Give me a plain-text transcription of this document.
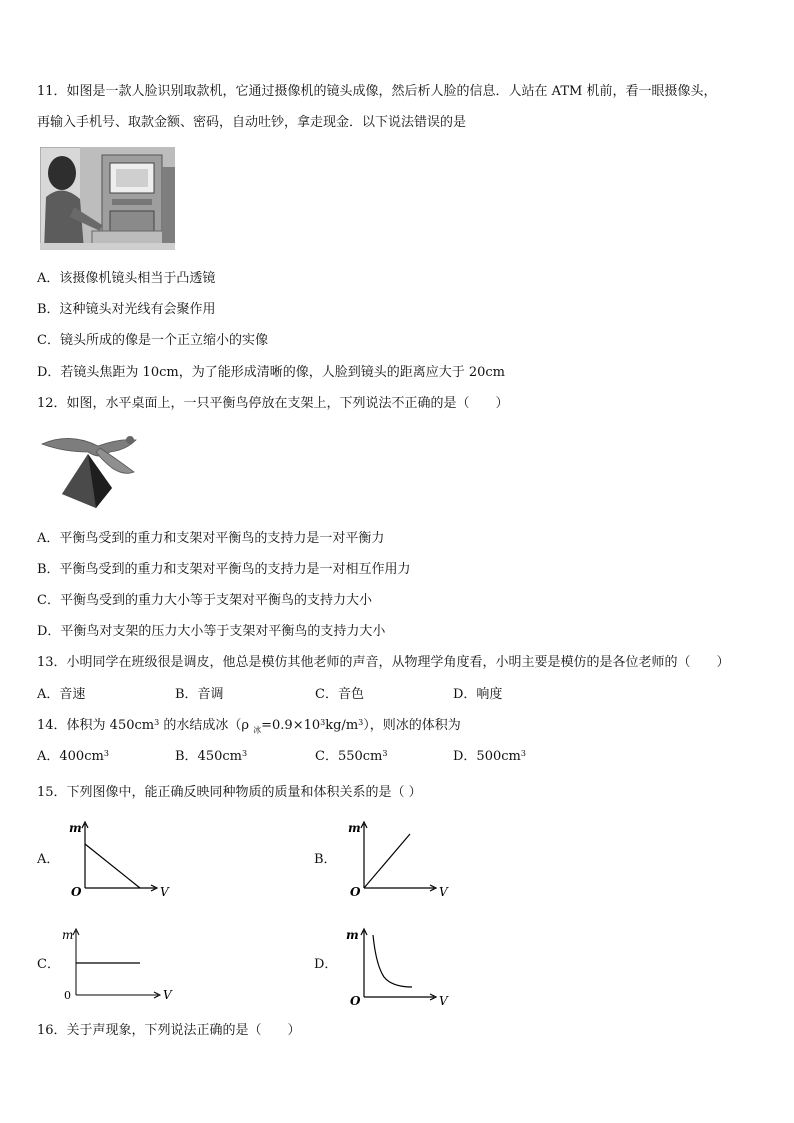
11．如图是一款人脸识别取款机，它通过摄像机的镜头成像，然后析人脸的信息．人站在 ATM 机前，看一眼摄像头，
再输入手机号、取款金额、密码，自动吐钞，拿走现金．以下说法错误的是
A．该摄像机镜头相当于凸透镜
B．这种镜头对光线有会聚作用
C．镜头所成的像是一个正立缩小的实像
D．若镜头焦距为 10cm，为了能形成清晰的像，人脸到镜头的距离应大于 20cm
12．如图，水平桌面上，一只平衡鸟停放在支架上，下列说法不正确的是（　　）
A．平衡鸟受到的重力和支架对平衡鸟的支持力是一对平衡力
B．平衡鸟受到的重力和支架对平衡鸟的支持力是一对相互作用力
C．平衡鸟受到的重力大小等于支架对平衡鸟的支持力大小
D．平衡鸟对支架的压力大小等于支架对平衡鸟的支持力大小
13．小明同学在班级很是调皮，他总是模仿其他老师的声音，从物理学角度看，小明主要是模仿的是各位老师的（　　）
A．音速	B．音调	C．音色	D．响度
14．体积为 $450cm^3$ 的水结成冰（ρ $_冰=0.9\times 10^3kg/m^3$），则冰的体积为
A．$400cm^3$	B．$450cm^3$	C．$550cm^3$	D．$500cm^3$
15．下列图像中，能正确反映同种物质的质量和体积关系的是（ ）
A．
m
O	V
B．
m
O	V
C．
m
0	V
D．
m
O	V
16．关于声现象，下列说法正确的是（　　）
